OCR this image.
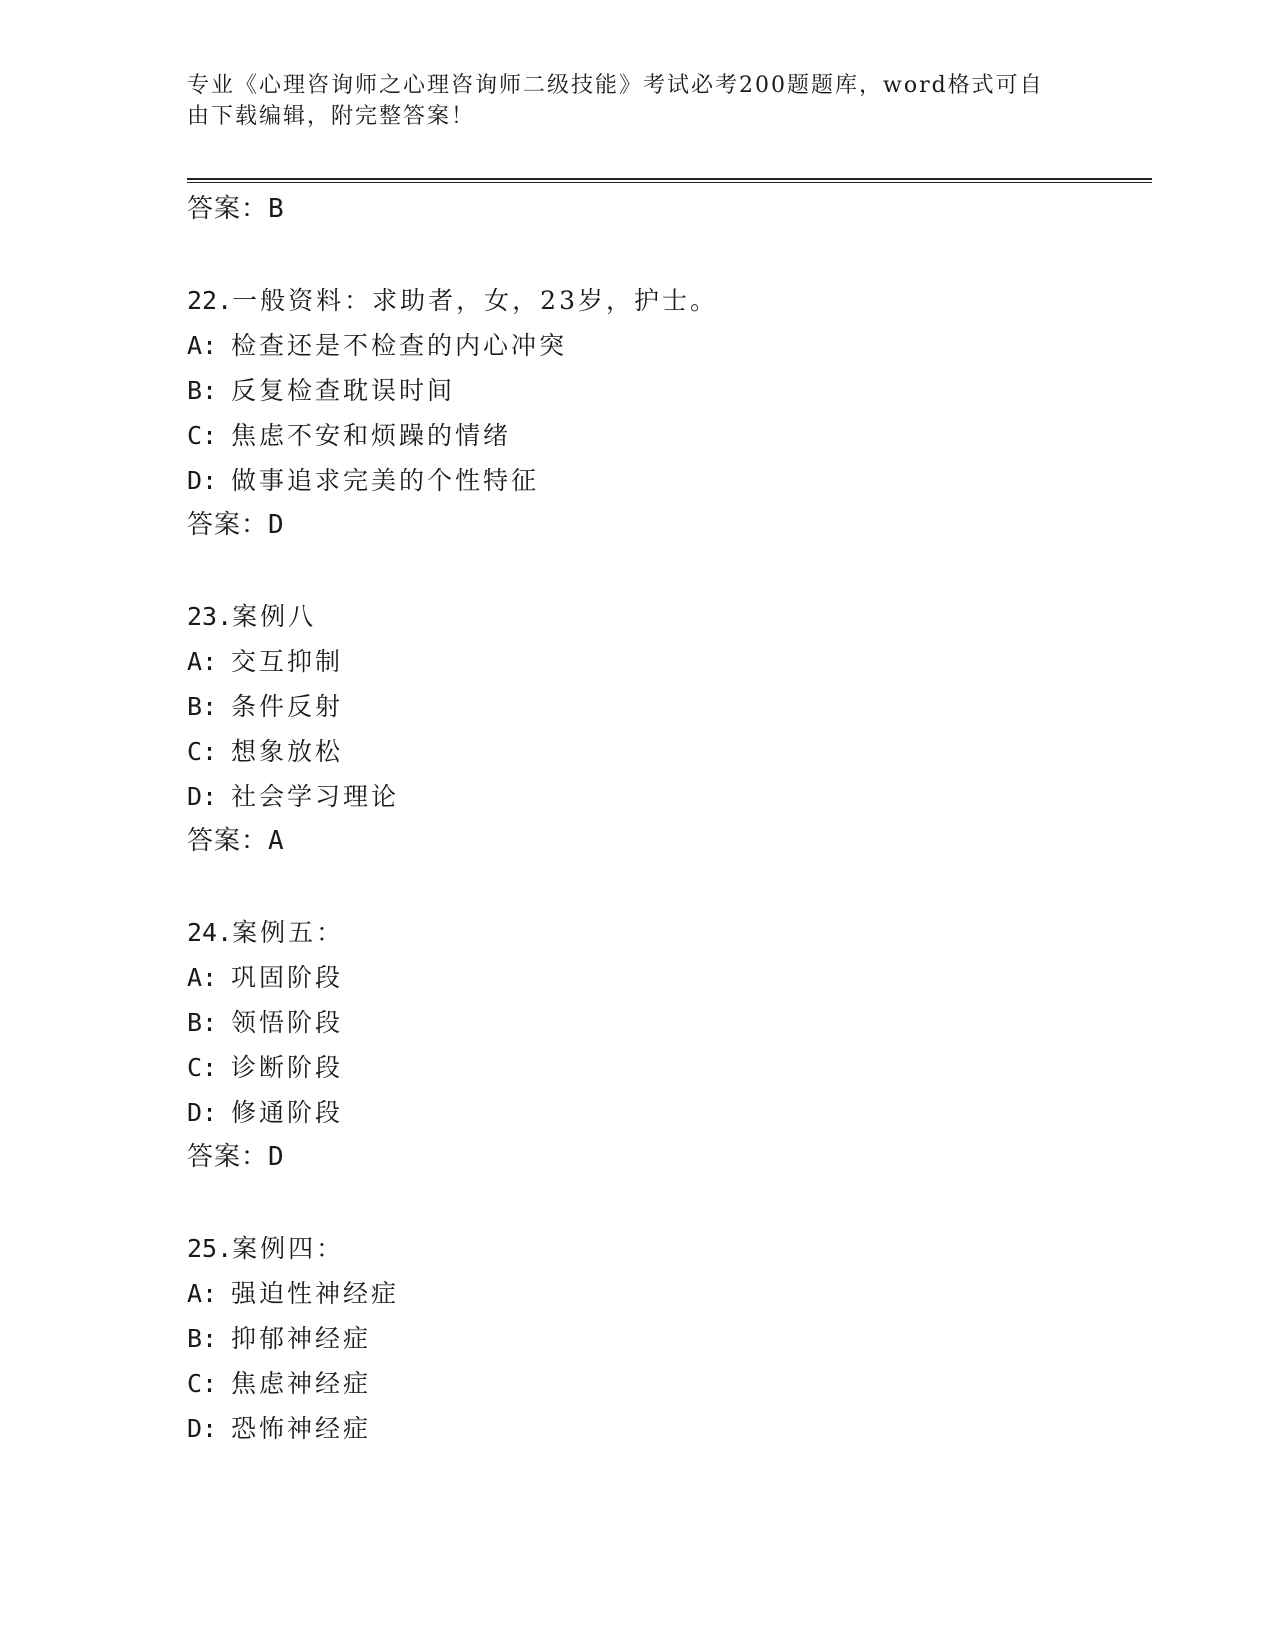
专业《心理咨询师之心理咨询师二级技能》考试必考200题题库，word格式可自
由下载编辑，附完整答案！
答案：B
22.一般资料：求助者，女，23岁，护士。
A: 检查还是不检查的内心冲突
B: 反复检查耽误时间
C: 焦虑不安和烦躁的情绪
D: 做事追求完美的个性特征
答案：D
23.案例八
A: 交互抑制
B: 条件反射
C: 想象放松
D: 社会学习理论
答案：A
24.案例五：
A: 巩固阶段
B: 领悟阶段
C: 诊断阶段
D: 修通阶段
答案：D
25.案例四：
A: 强迫性神经症
B: 抑郁神经症
C: 焦虑神经症
D: 恐怖神经症
